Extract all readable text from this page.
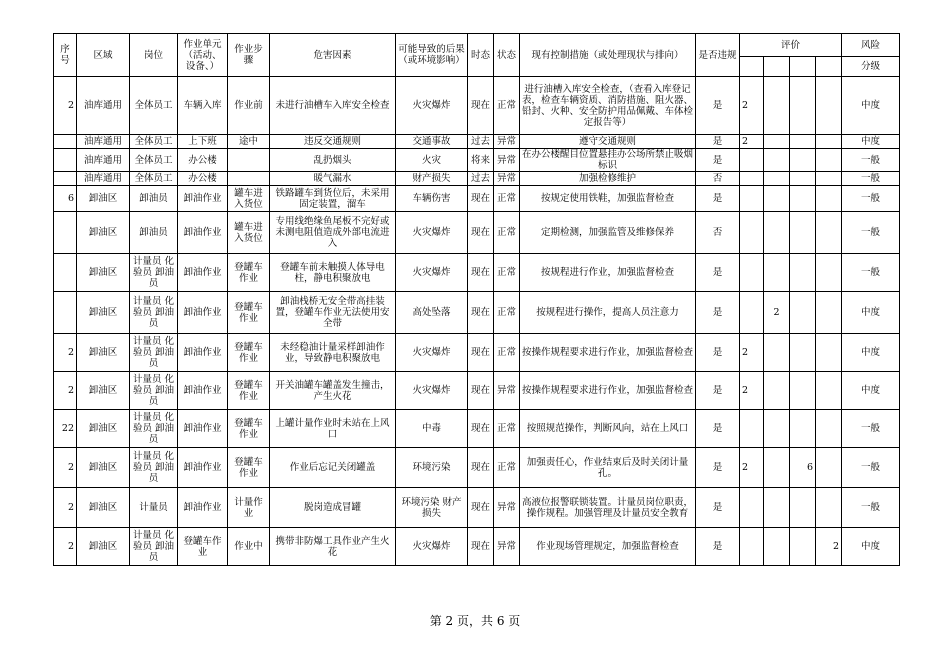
序号	区域	岗位	作业单元（活动、设备、）	作业步骤	危害因素	可能导致的后果（或环境影响）	时态	状态	现有控制措施（或处理现状与排向）	是否违规	评价				风险
															分级
2	油库通用	全体员工	车辆入库	作业前	未进行油槽车入库安全检查	火灾爆炸	现在	正常	进行油槽入库安全检查，（查看入库登记表，检查车辆资质、消防措施、阻火器、铅封、火种、安全防护用品佩戴、车体检定报告等）	是	2				中度
	油库通用	全体员工	上下班	途中	违反交通规则	交通事故	过去	异常	遵守交通规则	是	2				中度
	油库通用	全体员工	办公楼		乱扔烟头	火灾	将来	异常	在办公楼醒目位置悬挂办公场所禁止吸烟标识	是					一般
	油库通用	全体员工	办公楼		暖气漏水	财产损失	过去	异常	加强检修维护	否					一般
6	卸油区	卸油员	卸油作业	罐车进入货位	铁路罐车到货位后，未采用固定装置，溜车	车辆伤害	现在	正常	按规定使用铁鞋，加强监督检查	是					一般
	卸油区	卸油员	卸油作业	罐车进入货位	专用线绝缘鱼尾板不完好或未测电阻值造成外部电流进入	火灾爆炸	现在	正常	定期检测，加强监管及维修保养	否					一般
	卸油区	计量员 化验员 卸油员	卸油作业	登罐车作业	登罐车前未触摸人体导电柱，静电积聚放电	火灾爆炸	现在	正常	按规程进行作业，加强监督检查	是					一般
	卸油区	计量员 化验员 卸油员	卸油作业	登罐车作业	卸油栈桥无安全带高挂装置，登罐车作业无法使用安全带	高处坠落	现在	正常	按规程进行操作，提高人员注意力	是		2			中度
2	卸油区	计量员 化验员 卸油员	卸油作业	登罐车作业	未经稳油计量采样卸油作业，导致静电积聚放电	火灾爆炸	现在	正常	按操作规程要求进行作业，加强监督检查	是	2				中度
2	卸油区	计量员 化验员 卸油员	卸油作业	登罐车作业	开关油罐车罐盖发生撞击，产生火花	火灾爆炸	现在	异常	按操作规程要求进行作业，加强监督检查	是	2				中度
22	卸油区	计量员 化验员 卸油员	卸油作业	登罐车作业	上罐计量作业时未站在上风口	中毒	现在	正常	按照规范操作，判断风向，站在上风口	是					一般
2	卸油区	计量员 化验员 卸油员	卸油作业	登罐车作业	作业后忘记关闭罐盖	环境污染	现在	正常	加强责任心，作业结束后及时关闭计量孔。	是	2		6		一般
2	卸油区	计量员	卸油作业	计量作业	脱岗造成冒罐	环境污染 财产损失	现在	异常	高液位报警联锁装置。计量员岗位职责，操作规程。加强管理及计量员安全教育	是					一般
2	卸油区	计量员 化验员 卸油员	登罐车作业	作业中	携带非防爆工具作业产生火花	火灾爆炸	现在	异常	作业现场管理规定，加强监督检查	是				2	中度
第 2 页，共 6 页
